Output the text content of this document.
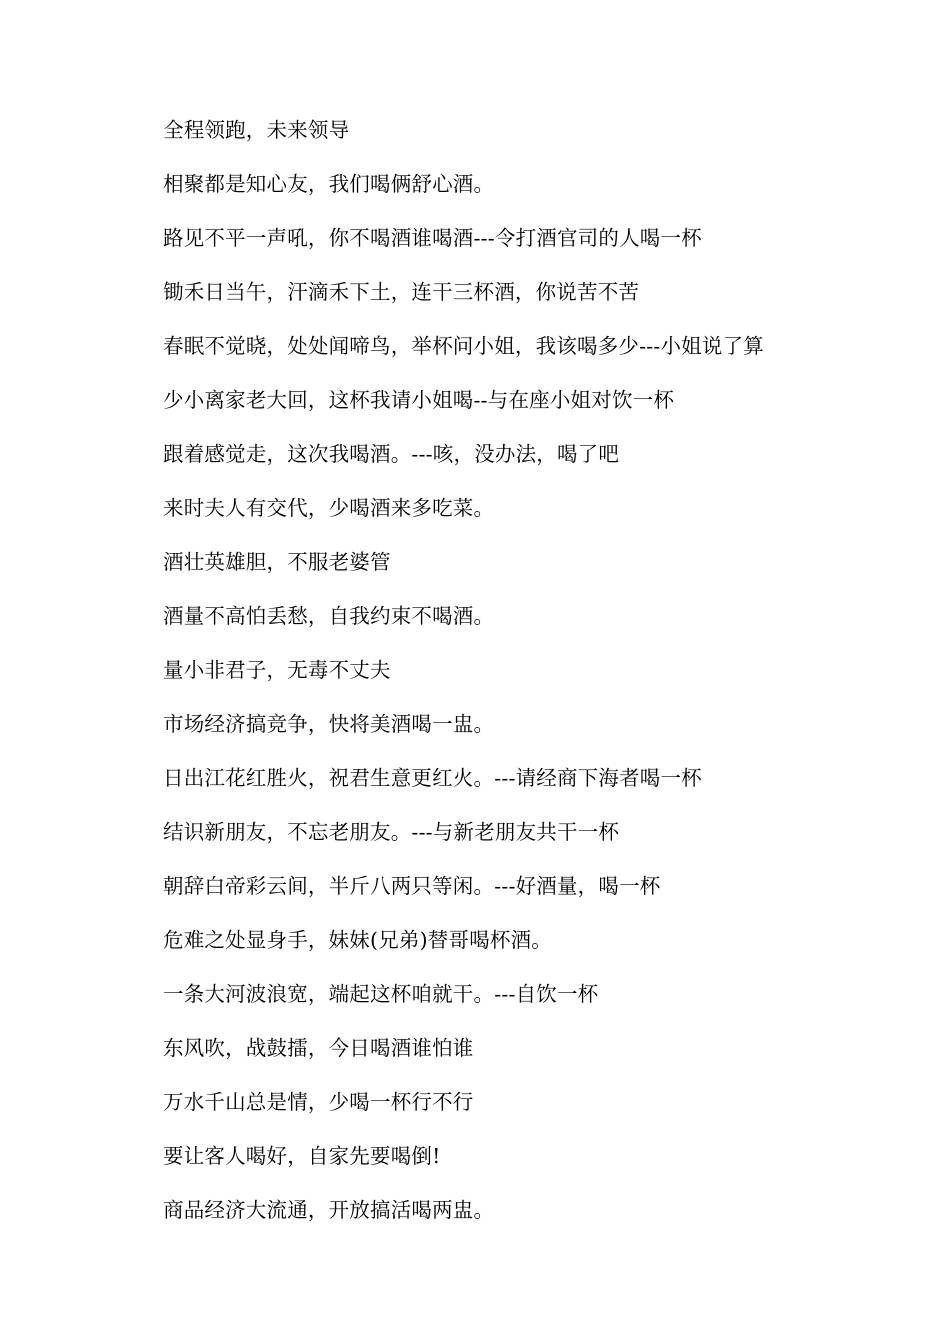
全程领跑，未来领导
相聚都是知心友，我们喝俩舒心酒。
路见不平一声吼，你不喝酒谁喝酒---令打酒官司的人喝一杯
锄禾日当午，汗滴禾下土，连干三杯酒，你说苦不苦
春眠不觉晓，处处闻啼鸟，举杯问小姐，我该喝多少---小姐说了算
少小离家老大回，这杯我请小姐喝--与在座小姐对饮一杯
跟着感觉走，这次我喝酒。---咳，没办法，喝了吧
来时夫人有交代，少喝酒来多吃菜。
酒壮英雄胆，不服老婆管
酒量不高怕丢愁，自我约束不喝酒。
量小非君子，无毒不丈夫
市场经济搞竞争，快将美酒喝一盅。
日出江花红胜火，祝君生意更红火。---请经商下海者喝一杯
结识新朋友，不忘老朋友。---与新老朋友共干一杯
朝辞白帝彩云间，半斤八两只等闲。---好酒量，喝一杯
危难之处显身手，妹妹(兄弟)替哥喝杯酒。
一条大河波浪宽，端起这杯咱就干。---自饮一杯
东风吹，战鼓擂，今日喝酒谁怕谁
万水千山总是情，少喝一杯行不行
要让客人喝好，自家先要喝倒!
商品经济大流通，开放搞活喝两盅。
